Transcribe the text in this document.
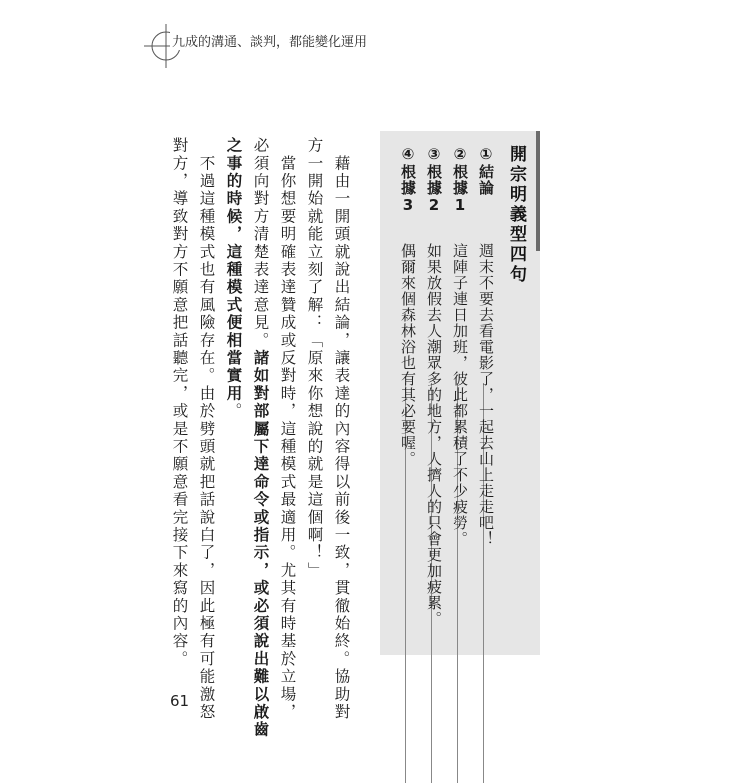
九成的溝通、談判，都能變化運用
開宗明義型四句
①結論
②根據1
③根據2
④根據3
週末不要去看電影了，一起去山上走走吧！
這陣子連日加班，彼此都累積了不少疲勞。
如果放假去人潮眾多的地方，人擠人的只會更加疲累。
偶爾來個森林浴也有其必要喔。
　藉由一開頭就說出結論，讓表達的內容得以前後一致，貫徹始終。協助對
方一開始就能立刻了解：「原來你想說的就是這個啊！」
　當你想要明確表達贊成或反對時，這種模式最適用。尤其有時基於立場，
必須向對方清楚表達意見。諸如對部屬下達命令或指示，或必須說出難以啟齒
之事的時候，這種模式便相當實用。
　不過這種模式也有風險存在。由於劈頭就把話說白了，因此極有可能激怒
對方，導致對方不願意把話聽完，或是不願意看完接下來寫的內容。
61
